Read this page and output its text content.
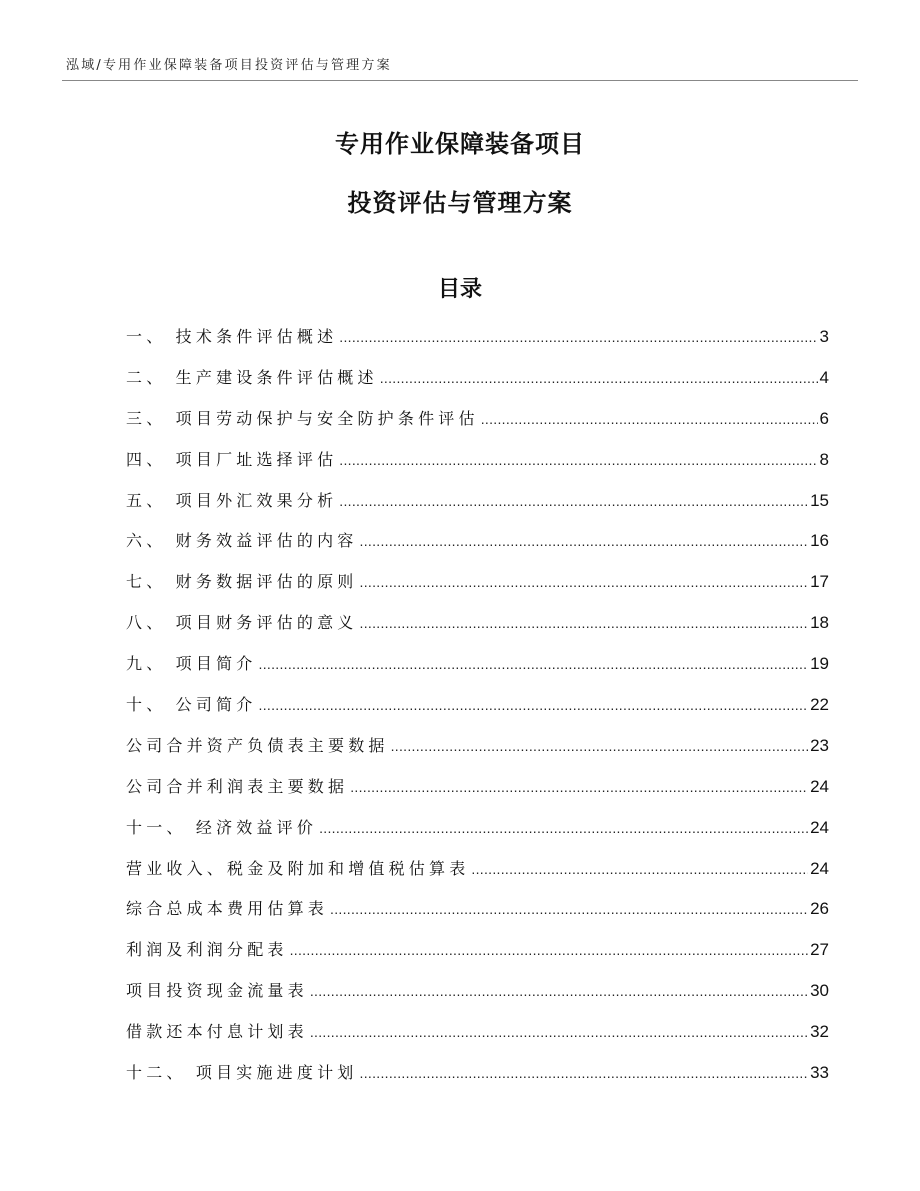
泓域/专用作业保障装备项目投资评估与管理方案
专用作业保障装备项目
投资评估与管理方案
目录
一、 技术条件评估概述 .....	3
二、 生产建设条件评估概述 .....	4
三、 项目劳动保护与安全防护条件评估 .....	6
四、 项目厂址选择评估 .....	8
五、 项目外汇效果分析 .....	15
六、 财务效益评估的内容 .....	16
七、 财务数据评估的原则 .....	17
八、 项目财务评估的意义 .....	18
九、 项目简介 .....	19
十、 公司简介 .....	22
公司合并资产负债表主要数据 .....	23
公司合并利润表主要数据 .....	24
十一、 经济效益评价 .....	24
营业收入、税金及附加和增值税估算表 .....	24
综合总成本费用估算表 .....	26
利润及利润分配表 .....	27
项目投资现金流量表 .....	30
借款还本付息计划表 .....	32
十二、 项目实施进度计划 .....	33
